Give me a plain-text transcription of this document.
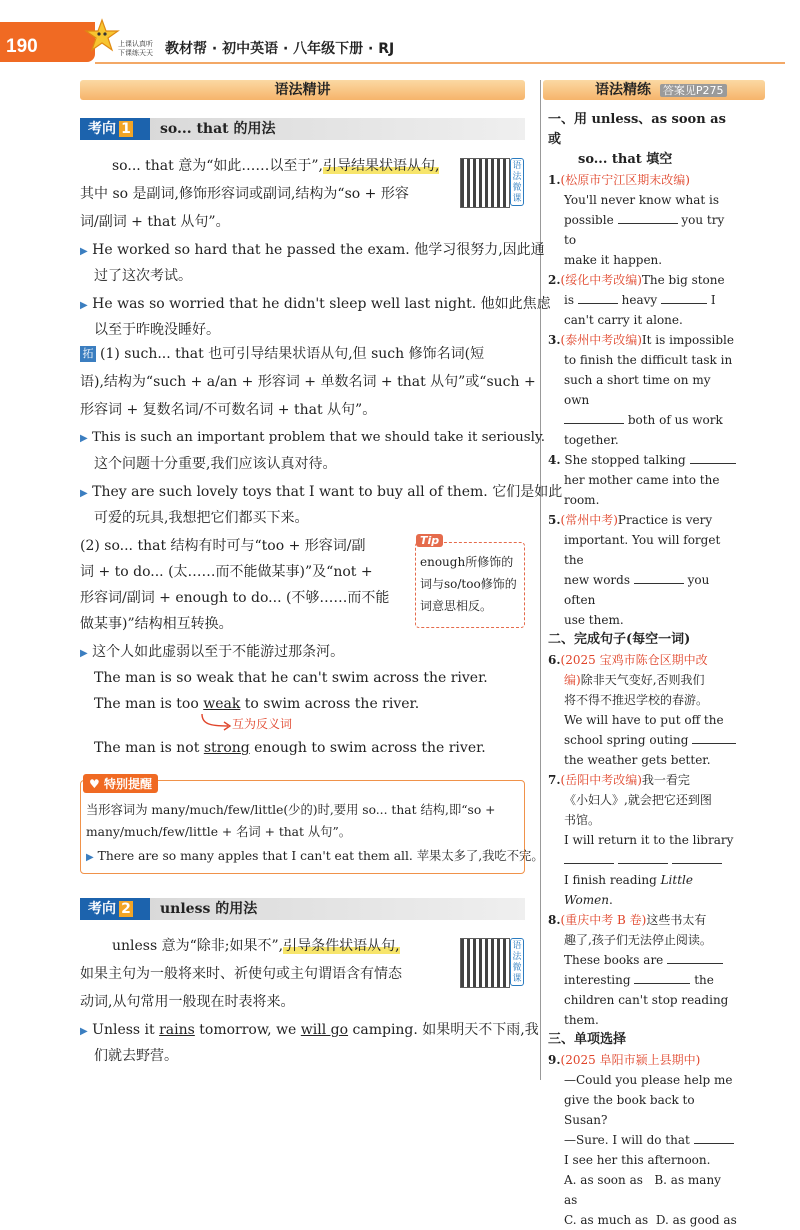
190	上课认真听
下课练天天 教材帮 · 初中英语 · 八年级下册 · RJ
语法精讲	语法精练 答案见P275
考向 1	so... that 的用法
so... that 意为“如此……以至于”,引导结果状语从句,
其中 so 是副词,修饰形容词或副词,结构为“so + 形容
词/副词 + that 从句”。
语法微课
▶ He worked so hard that he passed the exam. 他学习很努力,因此通
过了这次考试。
▶ He was so worried that he didn't sleep well last night. 他如此焦虑
以至于昨晚没睡好。
拓 (1) such... that 也可引导结果状语从句,但 such 修饰名词(短
语),结构为“such + a/an + 形容词 + 单数名词 + that 从句”或“such +
形容词 + 复数名词/不可数名词 + that 从句”。
▶ This is such an important problem that we should take it seriously.
这个问题十分重要,我们应该认真对待。
▶ They are such lovely toys that I want to buy all of them. 它们是如此
可爱的玩具,我想把它们都买下来。
(2) so... that 结构有时可与“too + 形容词/副
词 + to do... (太……而不能做某事)”及“not +
形容词/副词 + enough to do... (不够……而不能
做某事)”结构相互转换。
Tip
enough所修饰的
词与so/too修饰的
词意思相反。
▶ 这个人如此虚弱以至于不能游过那条河。
The man is so weak that he can't swim across the river.
The man is too weak to swim across the river.
互为反义词
The man is not strong enough to swim across the river.
♥ 特别提醒
当形容词为 many/much/few/little(少的)时,要用 so... that 结构,即“so +
many/much/few/little + 名词 + that 从句”。
▶ There are so many apples that I can't eat them all. 苹果太多了,我吃不完。
考向 2	unless 的用法
unless 意为“除非;如果不”,引导条件状语从句,
如果主句为一般将来时、祈使句或主句谓语含有情态
动词,从句常用一般现在时表将来。
语法微课
▶ Unless it rains tomorrow, we will go camping. 如果明天不下雨,我
们就去野营。
一、用 unless、as soon as 或
so... that 填空
1.(松原市宁江区期末改编)
You'll never know what is
possible	you try to
make it happen.
2.(绥化中考改编)The big stone
is	heavy	I
can't carry it alone.
3.(泰州中考改编)It is impossible
to finish the difficult task in
such a short time on my own
both of us work
together.
4. She stopped talking
her mother came into the room.
5.(常州中考)Practice is very
important. You will forget the
new words	you often
use them.
二、完成句子(每空一词)
6.(2025 宝鸡市陈仓区期中改
编)除非天气变好,否则我们
将不得不推迟学校的春游。
We will have to put off the
school spring outing
the weather gets better.
7.(岳阳中考改编)我一看完
《小妇人》,就会把它还到图
书馆。
I will return it to the library

I finish reading Little Women.
8.(重庆中考 B 卷)这些书太有
趣了,孩子们无法停止阅读。
These books are
interesting	the
children can't stop reading them.
三、单项选择
9.(2025 阜阳市颍上县期中)
—Could you please help me
give the book back to Susan?
—Sure. I will do that
I see her this afternoon.
A. as soon as B. as many as
C. as much as D. as good as
